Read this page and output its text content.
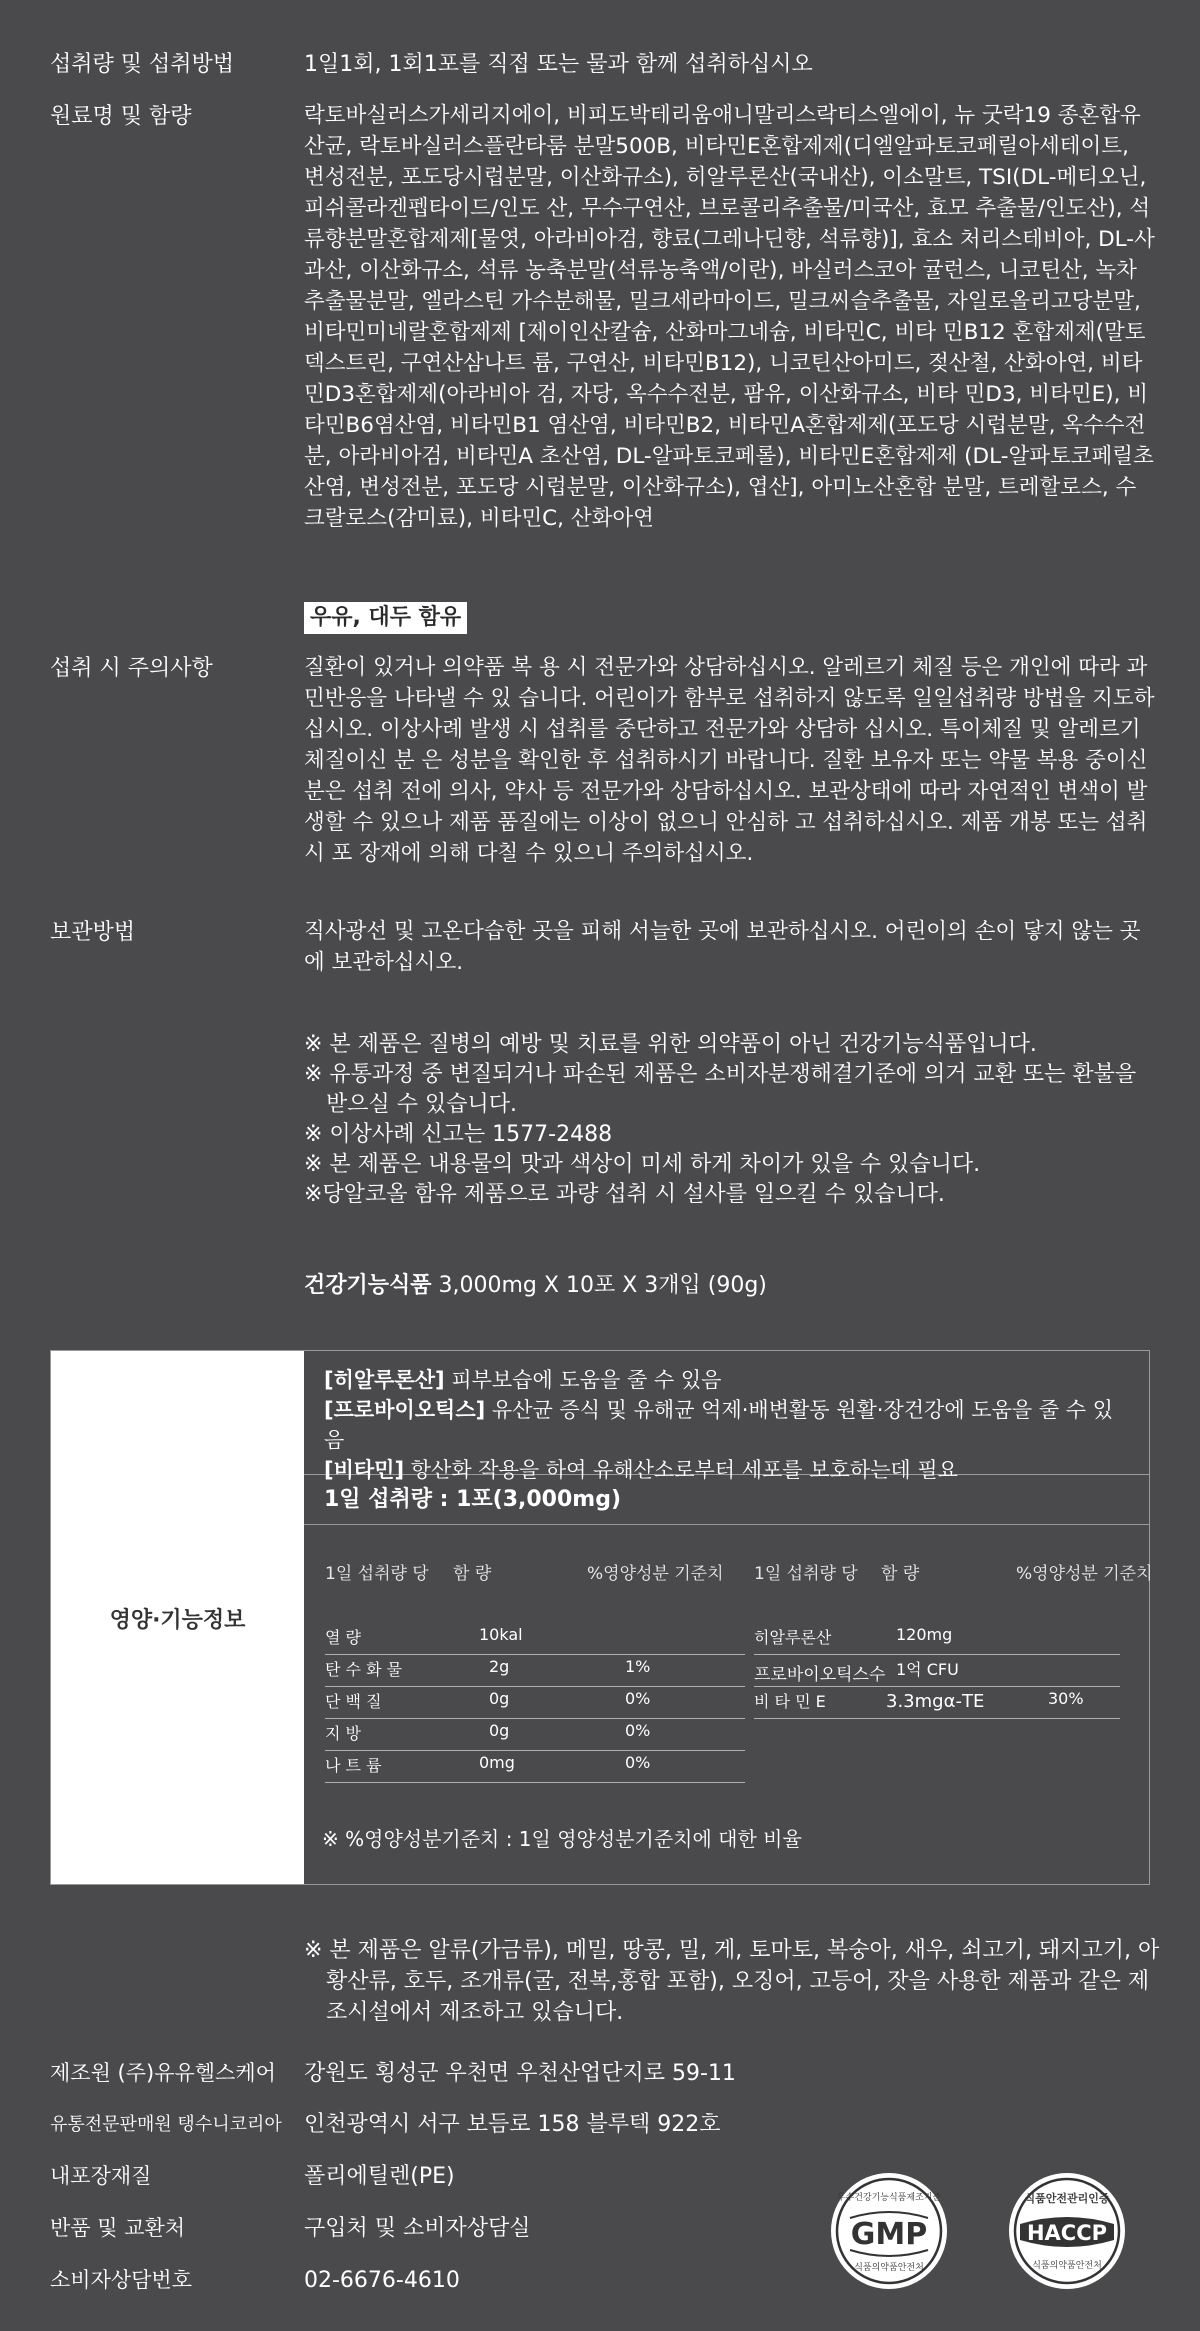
섭취량 및 섭취방법	1일1회, 1회1포를 직접 또는 물과 함께 섭취하십시오
원료명 및 함량	락토바실러스가세리지에이, 비피도박테리움애니말리스락티스엘에이, 뉴 굿락19 종혼합유산균, 락토바실러스플란타룸 분말500B, 비타민E혼합제제(디엘알파토코페릴아세테이트, 변성전분, 포도당시럽분말, 이산화규소), 히알루론산(국내산), 이소말트, TSI(DL-메티오닌, 피쉬콜라겐펩타이드/인도 산, 무수구연산, 브로콜리추출물/미국산, 효모 추출물/인도산), 석류향분말혼합제제[물엿, 아라비아검, 향료(그레나딘향, 석류향)], 효소 처리스테비아, DL-사과산, 이산화규소, 석류 농축분말(석류농축액/이란), 바실러스코아 귤런스, 니코틴산, 녹차추출물분말, 엘라스틴 가수분해물, 밀크세라마이드, 밀크씨슬추출물, 자일로올리고당분말, 비타민미네랄혼합제제 [제이인산칼슘, 산화마그네슘, 비타민C, 비타 민B12 혼합제제(말토덱스트린, 구연산삼나트 륨, 구연산, 비타민B12), 니코틴산아미드, 젖산철, 산화아연, 비타민D3혼합제제(아라비아 검, 자당, 옥수수전분, 팜유, 이산화규소, 비타 민D3, 비타민E), 비타민B6염산염, 비타민B1 염산염, 비타민B2, 비타민A혼합제제(포도당 시럽분말, 옥수수전분, 아라비아검, 비타민A 초산염, DL-알파토코페롤), 비타민E혼합제제 (DL-알파토코페릴초산염, 변성전분, 포도당 시럽분말, 이산화규소), 엽산], 아미노산혼합 분말, 트레할로스, 수크랄로스(감미료), 비타민C, 산화아연
우유, 대두 함유
섭취 시 주의사항	질환이 있거나 의약품 복 용 시 전문가와 상담하십시오. 알레르기 체질 등은 개인에 따라 과민반응을 나타낼 수 있 습니다. 어린이가 함부로 섭취하지 않도록 일일섭취량 방법을 지도하십시오. 이상사례 발생 시 섭취를 중단하고 전문가와 상담하 십시오. 특이체질 및 알레르기 체질이신 분 은 성분을 확인한 후 섭취하시기 바랍니다. 질환 보유자 또는 약물 복용 중이신 분은 섭취 전에 의사, 약사 등 전문가와 상담하십시오. 보관상태에 따라 자연적인 변색이 발생할 수 있으나 제품 품질에는 이상이 없으니 안심하 고 섭취하십시오. 제품 개봉 또는 섭취 시 포 장재에 의해 다칠 수 있으니 주의하십시오.
보관방법	직사광선 및 고온다습한 곳을 피해 서늘한 곳에 보관하십시오. 어린이의 손이 닿지 않는 곳에 보관하십시오.
※ 본 제품은 질병의 예방 및 치료를 위한 의약품이 아닌 건강기능식품입니다.
※ 유통과정 중 변질되거나 파손된 제품은 소비자분쟁해결기준에 의거 교환 또는 환불을 받으실 수 있습니다.
※ 이상사례 신고는 1577-2488
※ 본 제품은 내용물의 맛과 색상이 미세 하게 차이가 있을 수 있습니다.
※당알코올 함유 제품으로 과량 섭취 시 설사를 일으킬 수 있습니다.
건강기능식품 3,000mg X 10포 X 3개입 (90g)
영양·기능정보
[히알루론산] 피부보습에 도움을 줄 수 있음
[프로바이오틱스] 유산균 증식 및 유해균 억제·배변활동 원활·장건강에 도움을 줄 수 있음
[비타민] 항산화 작용을 하여 유해산소로부터 세포를 보호하는데 필요
1일 섭취량 : 1포(3,000mg)
1일 섭취량 당 함 량	%영양성분 기준치 1일 섭취량 당 함 량	%영양성분 기준치
열 량	10kal
탄 수 화 물	2g	1%
단 백 질	0g	0%
지 방	0g	0%
나 트 륨	0mg	0%
히알루론산	120mg
프로바이오틱스수 1억 CFU
비 타 민 E	3.3mgα-TE	30%
※ %영양성분기준치 : 1일 영양성분기준치에 대한 비율
※ 본 제품은 알류(가금류), 메밀, 땅콩, 밀, 게, 토마토, 복숭아, 새우, 쇠고기, 돼지고기, 아황산류, 호두, 조개류(굴, 전복,홍합 포함), 오징어, 고등어, 잣을 사용한 제품과 같은 제조시설에서 제조하고 있습니다.
제조원 (주)유유헬스케어	강원도 횡성군 우천면 우천산업단지로 59-11
유통전문판매원 탱수니코리아	인천광역시 서구 보듬로 158 블루텍 922호
내포장재질	폴리에틸렌(PE)
반품 및 교환처	구입처 및 소비자상담실
소비자상담번호	02-6676-4610
우수건강기능식품제조기준
GMP
식품의약품안전처
식품안전관리인증
HACCP
식품의약품안전처
